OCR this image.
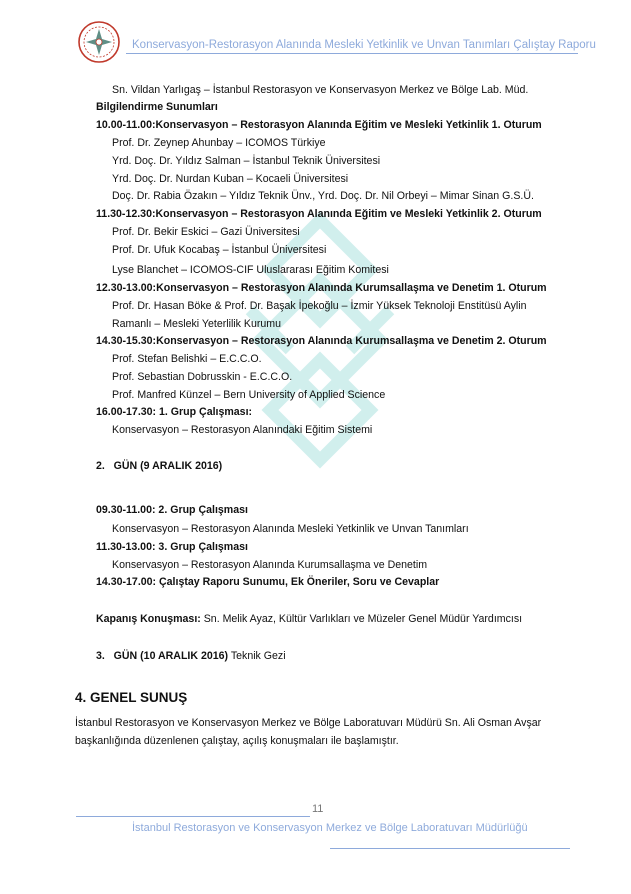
Konservasyon-Restorasyon Alanında Mesleki Yetkinlik ve Unvan Tanımları Çalıştay Raporu
Sn. Vildan Yarlıgaş – İstanbul Restorasyon ve Konservasyon Merkez ve Bölge Lab. Müd.
Bilgilendirme Sunumları
10.00-11.00:Konservasyon – Restorasyon Alanında Eğitim ve Mesleki Yetkinlik 1. Oturum
Prof. Dr. Zeynep Ahunbay – ICOMOS Türkiye
Yrd. Doç. Dr. Yıldız Salman – İstanbul Teknik Üniversitesi
Yrd. Doç. Dr. Nurdan Kuban – Kocaeli Üniversitesi
Doç. Dr. Rabia Özakın – Yıldız Teknik Ünv., Yrd. Doç. Dr. Nil Orbeyi – Mimar Sinan G.S.Ü.
11.30-12.30:Konservasyon – Restorasyon Alanında Eğitim ve Mesleki Yetkinlik 2. Oturum
Prof. Dr. Bekir Eskici – Gazi Üniversitesi
Prof. Dr. Ufuk Kocabaş – İstanbul Üniversitesi
Lyse Blanchet – ICOMOS-CIF Uluslararası Eğitim Komitesi
12.30-13.00:Konservasyon – Restorasyon Alanında Kurumsallaşma ve Denetim 1. Oturum
Prof. Dr. Hasan Böke & Prof. Dr. Başak İpekoğlu – İzmir Yüksek Teknoloji Enstitüsü Aylin
Ramanlı – Mesleki Yeterlilik Kurumu
14.30-15.30:Konservasyon – Restorasyon Alanında Kurumsallaşma ve Denetim 2. Oturum
Prof. Stefan Belishki – E.C.C.O.
Prof. Sebastian Dobrusskin - E.C.C.O.
Prof. Manfred Künzel – Bern University of Applied Science
16.00-17.30: 1. Grup Çalışması:
Konservasyon – Restorasyon Alanındaki Eğitim Sistemi
2.   GÜN (9 ARALIK 2016)
09.30-11.00: 2. Grup Çalışması
Konservasyon – Restorasyon Alanında Mesleki Yetkinlik ve Unvan Tanımları
11.30-13.00: 3. Grup Çalışması
Konservasyon – Restorasyon Alanında Kurumsallaşma ve Denetim
14.30-17.00: Çalıştay Raporu Sunumu, Ek Öneriler, Soru ve Cevaplar
Kapanış Konuşması: Sn. Melik Ayaz, Kültür Varlıkları ve Müzeler Genel Müdür Yardımcısı
3.   GÜN (10 ARALIK 2016) Teknik Gezi
4. GENEL SUNUŞ
İstanbul Restorasyon ve Konservasyon Merkez ve Bölge Laboratuvarı Müdürü Sn. Ali Osman Avşar
başkanlığında düzenlenen çalıştay, açılış konuşmaları ile başlamıştır.
11
İstanbul Restorasyon ve Konservasyon Merkez ve Bölge Laboratuvarı Müdürlüğü
